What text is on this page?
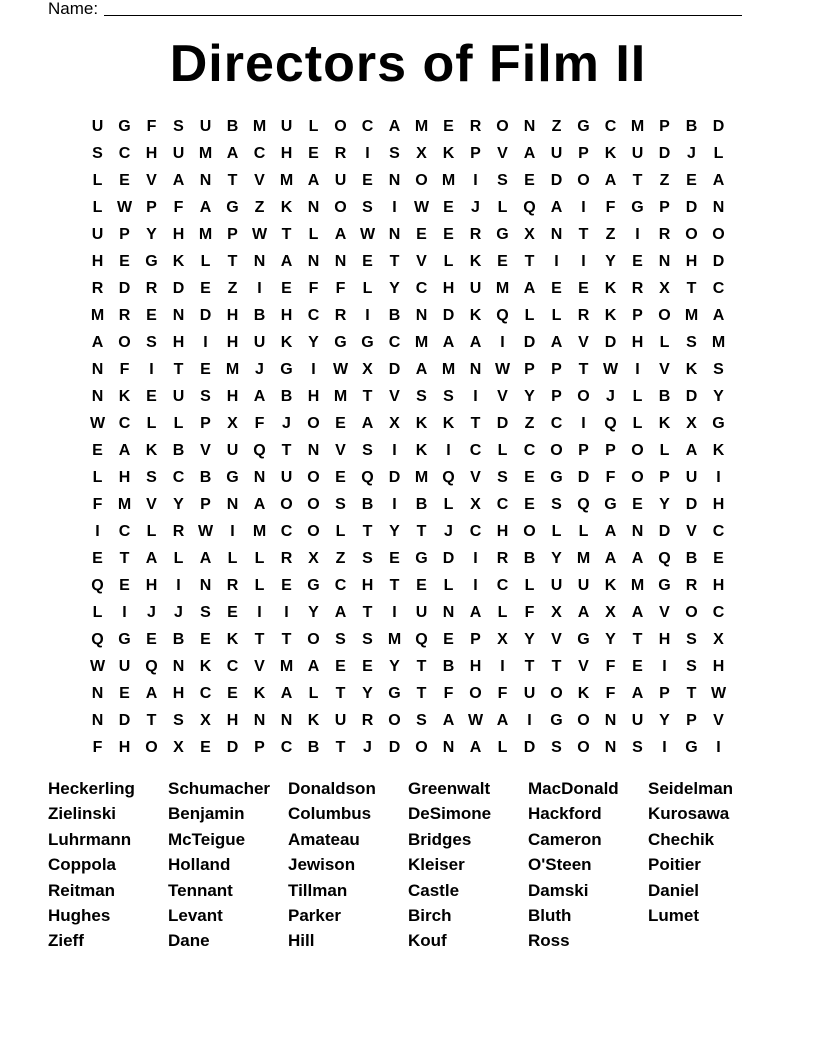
Name:
Directors of Film II
U G F	S U B M U	L O C A M E R O N	Z G C M P B D
S C H U M A C H E R	I	S	X K P	V A U P K U D	J	L
L	E	V A N	T	V M A U E N O M	I	S	E D O A	T	Z	E A
L W P	F	A G Z	K N O S	I	W E	J	L Q A	I	F G P D N
U P	Y H M P W T	L	A W N E	E R G X N	T	Z	I	R O O
H E G K	L	T	N A N N E	T	V	L	K E	T	I	I	Y	E N H D
R D R D E	Z	I	E	F	F	L	Y C H U M A E	E K R X	T	C
M R E N D H B H C R	I	B N D K Q L	L	R K P O M A
A O S H	I	H U K Y G G C M A A	I	D A V D H	L	S M
N	F	I	T	E M J	G	I	W X D A M N W P	P	T W	I	V K S
N K E U S H A B H M T	V	S	S	I	V	Y	P O	J	L	B D Y
W C	L	L	P	X	F	J	O E A X K K	T	D	Z	C	I	Q L	K X G
E A K B V U Q T	N V	S	I	K	I	C	L	C O P	P O L	A K
L	H S C B G N U O E Q D M Q V	S	E G D	F O P U	I
F M V	Y	P N A O O S B	I	B	L	X C E	S Q G E	Y D H
I	C	L	R W	I	M C O L	T	Y	T	J	C H O L	L	A N D V C
E	T	A	L	A	L	L	R X	Z	S	E G D	I	R B Y M A A Q B E
Q E H	I	N R	L	E G C H	T	E	L	I	C	L	U U K M G R H
L	I	J	J	S	E	I	I	Y A	T	I	U N A	L	F	X A X A V O C
Q G E B E K	T	T O S	S M Q E	P	X	Y	V G Y	T	H S	X
W U Q N K C V M A E	E	Y	T	B H	I	T	T	V	F	E	I	S H
N E A H C E K A	L	T	Y G T	F O F	U O K	F	A P	T W
N D	T	S	X H N N K U R O S A W A	I	G O N U Y	P	V
F	H O X	E D P C B	T	J	D O N A	L	D S O N S	I	G	I
Heckerling	Schumacher	Donaldson	Greenwalt	MacDonald	Seidelman
Zielinski	Benjamin	Columbus	DeSimone	Hackford	Kurosawa
Luhrmann	McTeigue	Amateau	Bridges	Cameron	Chechik
Coppola	Holland	Jewison	Kleiser	O'Steen	Poitier
Reitman	Tennant	Tillman	Castle	Damski	Daniel
Hughes	Levant	Parker	Birch	Bluth	Lumet
Zieff	Dane	Hill	Kouf	Ross
